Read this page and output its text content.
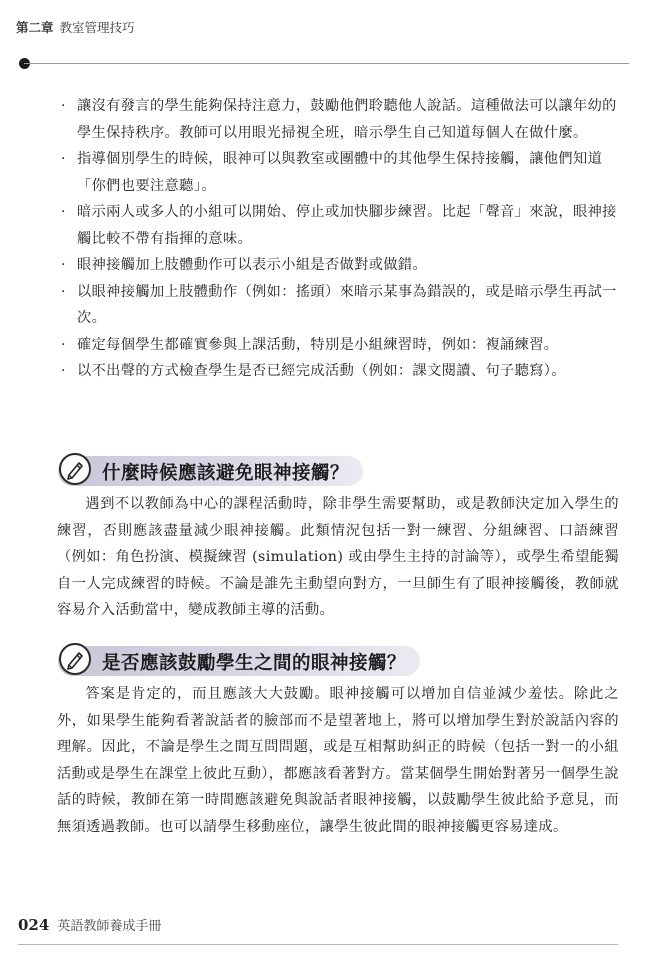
第二章 教室管理技巧
· 讓沒有發言的學生能夠保持注意力，鼓勵他們聆聽他人說話。這種做法可以讓年幼的學生保持秩序。教師可以用眼光掃視全班，暗示學生自己知道每個人在做什麼。
· 指導個別學生的時候，眼神可以與教室或團體中的其他學生保持接觸，讓他們知道「你們也要注意聽」。
· 暗示兩人或多人的小組可以開始、停止或加快腳步練習。比起「聲音」來說，眼神接觸比較不帶有指揮的意味。
· 眼神接觸加上肢體動作可以表示小組是否做對或做錯。
· 以眼神接觸加上肢體動作（例如：搖頭）來暗示某事為錯誤的，或是暗示學生再試一次。
· 確定每個學生都確實參與上課活動，特別是小組練習時，例如：複誦練習。
· 以不出聲的方式檢查學生是否已經完成活動（例如：課文閱讀、句子聽寫）。
什麼時候應該避免眼神接觸？

遇到不以教師為中心的課程活動時，除非學生需要幫助，或是教師決定加入學生的練習，否則應該盡量減少眼神接觸。此類情況包括一對一練習、分組練習、口語練習（例如：角色扮演、模擬練習 (simulation) 或由學生主持的討論等），或學生希望能獨自一人完成練習的時候。不論是誰先主動望向對方，一旦師生有了眼神接觸後，教師就容易介入活動當中，變成教師主導的活動。

是否應該鼓勵學生之間的眼神接觸？

答案是肯定的，而且應該大大鼓勵。眼神接觸可以增加自信並減少羞怯。除此之外，如果學生能夠看著說話者的臉部而不是望著地上，將可以增加學生對於說話內容的理解。因此，不論是學生之間互問問題，或是互相幫助糾正的時候（包括一對一的小組活動或是學生在課堂上彼此互動），都應該看著對方。當某個學生開始對著另一個學生說話的時候，教師在第一時間應該避免與說話者眼神接觸，以鼓勵學生彼此給予意見，而無須透過教師。也可以請學生移動座位，讓學生彼此間的眼神接觸更容易達成。

024 英語教師養成手冊
